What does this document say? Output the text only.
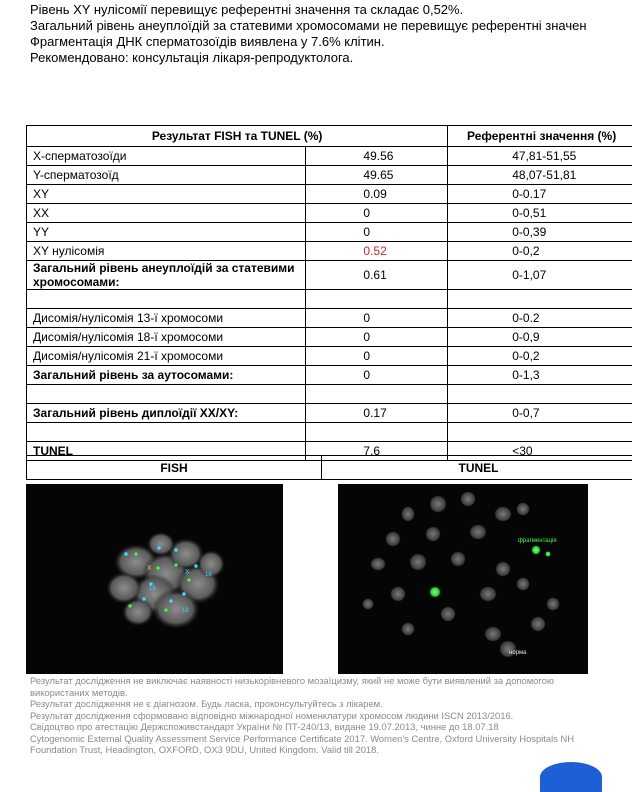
Рівень XY нулісомії перевищує референтні значення та складає 0,52%.
Загальний рівень анеуплоїдій за статевими хромосомами не перевищує референтні значен
Фрагментація ДНК сперматозоїдів виявлена у 7.6% клітин.
Рекомендовано: консультація лікаря-репродуктолога.
Результат FISH та TUNEL (%)		Референтні значення (%)
X-сперматозоїди	49.56	47,81-51,55
Y-сперматозоїд	49.65	48,07-51,81
XY	0.09	0-0.17
XX	0	0-0,51
YY	0	0-0,39
XY нулісомія	0.52	0-0,2
Загальний рівень анеуплоїдій за статевими хромосомами:	0.61	0-1,07

Дисомія/нулісомія 13-ї хромосоми	0	0-0.2
Дисомія/нулісомія 18-ї хромосоми	0	0-0,9
Дисомія/нулісомія 21-ї хромосоми	0	0-0,2
Загальний рівень за аутосомами:	0	0-1,3

Загальний рівень диплоїдії XX/XY:	0.17	0-0,7

TUNEL	7.6	<30
FISH	TUNEL
X
X	18
18
18
фрагментація
норма
Результат дослідження не виключає наявності низькорівневого мозаїцизму, який не може бути виявлений за допомогою
використаних методів.
Результат дослідження не є діагнозом. Будь ласка, проконсультуйтесь з лікарем.
Результат дослідження сформовано відповідно міжнародної номенклатури хромосом людини ISCN 2013/2016.
Свідоцтво про атестацію Держспоживстандарт України № ПТ-240/13, видане 19.07.2013, чинне до 18.07.18
Cytogenomic External Quality Assessment Service Performance Certificate 2017. Women's Centre, Oxford University Hospitals NH
Foundation Trust, Headington, OXFORD, OX3 9DU, United Kingdom. Valid till 2018.
